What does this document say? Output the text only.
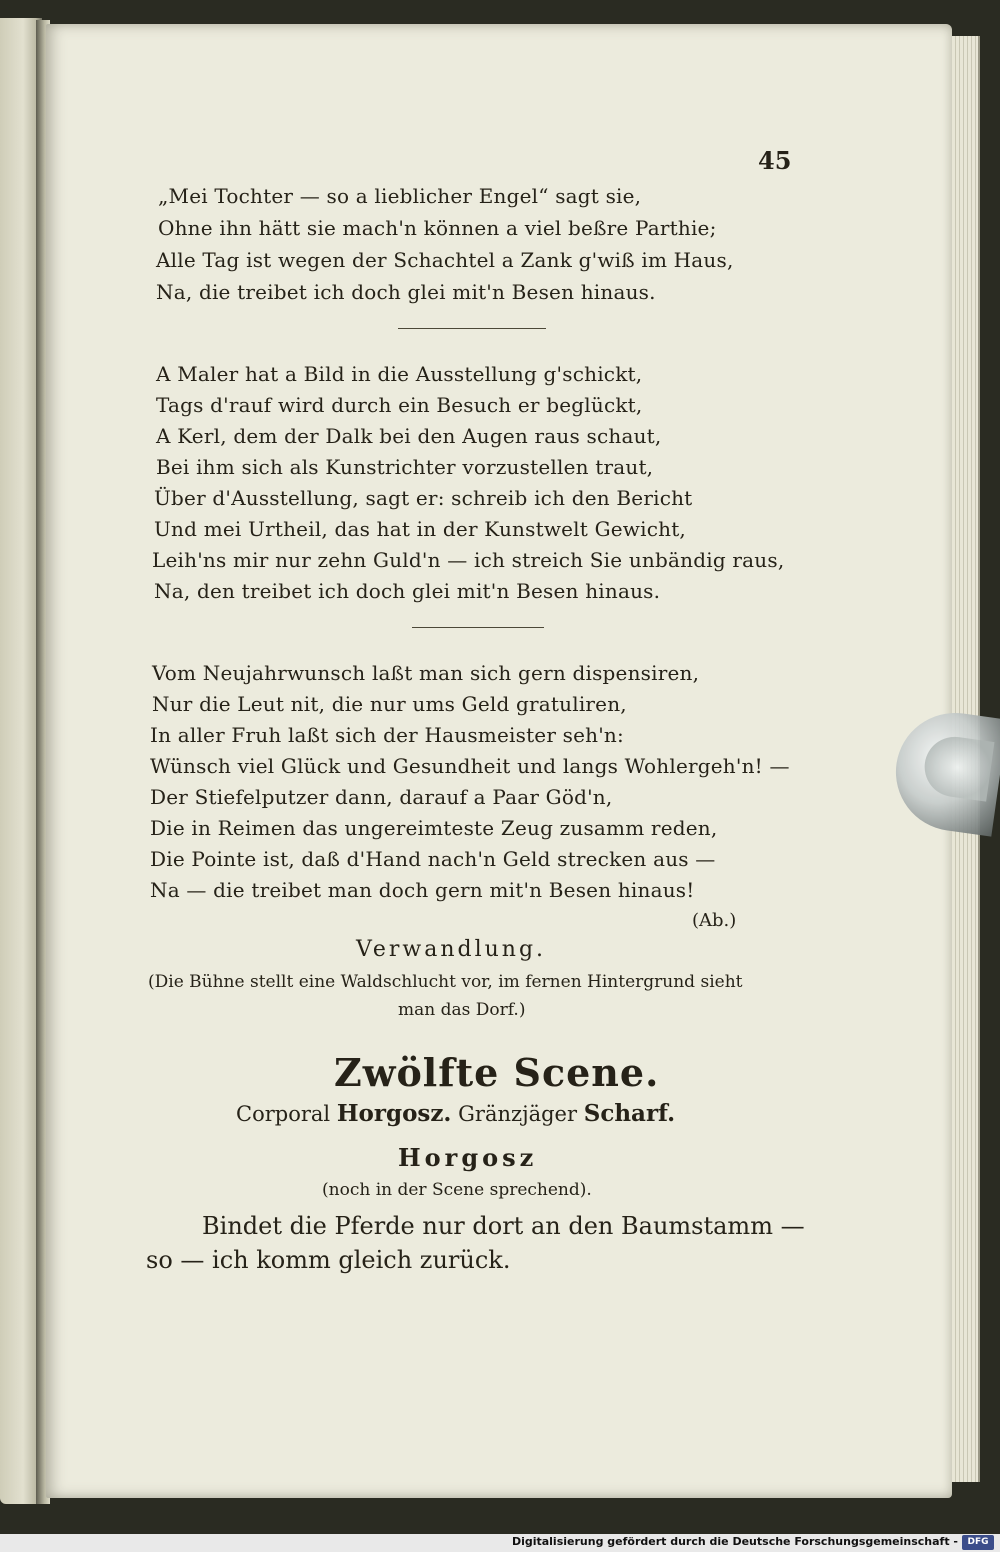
45
„Mei Tochter — so a lieblicher Engel“ sagt sie,
Ohne ihn hätt sie mach'n können a viel beßre Parthie;
Alle Tag ist wegen der Schachtel a Zank g'wiß im Haus,
Na, die treibet ich doch glei mit'n Besen hinaus.
A Maler hat a Bild in die Ausstellung g'schickt,
Tags d'rauf wird durch ein Besuch er beglückt,
A Kerl, dem der Dalk bei den Augen raus schaut,
Bei ihm sich als Kunstrichter vorzustellen traut,
Über d'Ausstellung, sagt er: schreib ich den Bericht
Und mei Urtheil, das hat in der Kunstwelt Gewicht,
Leih'ns mir nur zehn Guld'n — ich streich Sie unbändig raus,
Na, den treibet ich doch glei mit'n Besen hinaus.
Vom Neujahrwunsch laßt man sich gern dispensiren,
Nur die Leut nit, die nur ums Geld gratuliren,
In aller Fruh laßt sich der Hausmeister seh'n:
Wünsch viel Glück und Gesundheit und langs Wohlergeh'n! —
Der Stiefelputzer dann, darauf a Paar Göd'n,
Die in Reimen das ungereimteste Zeug zusamm reden,
Die Pointe ist, daß d'Hand nach'n Geld strecken aus —
Na — die treibet man doch gern mit'n Besen hinaus!
(Ab.)
Verwandlung.
(Die Bühne stellt eine Waldschlucht vor, im fernen Hintergrund sieht
man das Dorf.)
Zwölfte Scene.
Corporal Horgosz. Gränzjäger Scharf.
Horgosz
(noch in der Scene sprechend).
Bindet die Pferde nur dort an den Baumstamm —
so — ich komm gleich zurück.
Digitalisierung gefördert durch die Deutsche Forschungsgemeinschaft -	DFG
